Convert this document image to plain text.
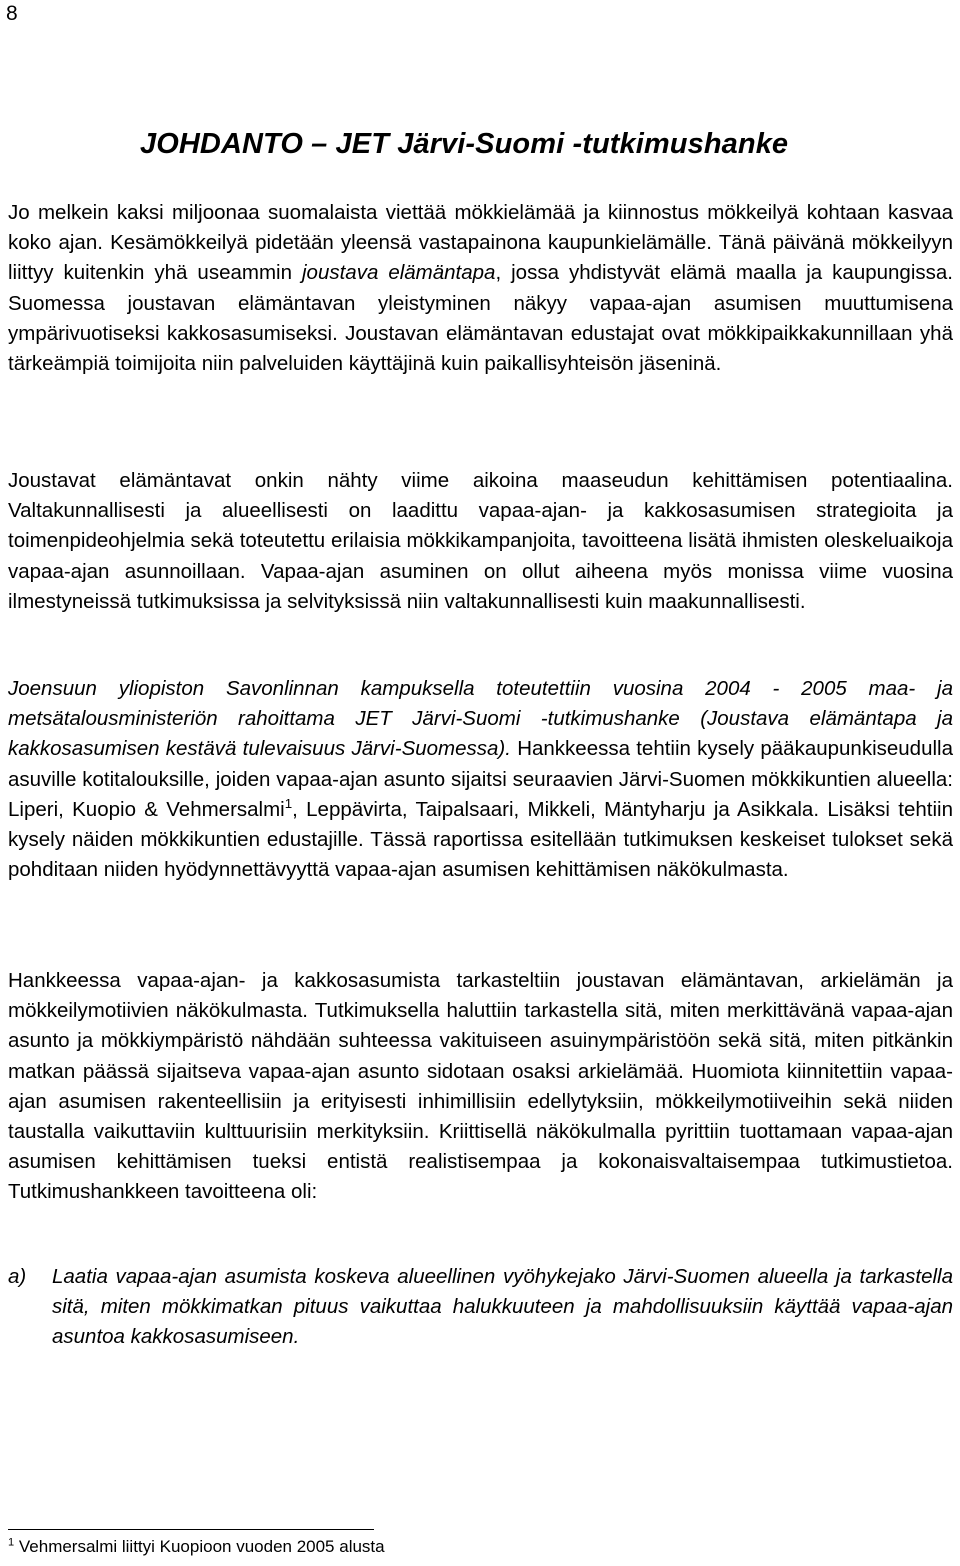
8
JOHDANTO – JET Järvi-Suomi -tutkimushanke

Jo melkein kaksi miljoonaa suomalaista viettää mökkielämää ja kiinnostus mökkeilyä kohtaan kasvaa koko ajan. Kesämökkeilyä pidetään yleensä vastapainona kaupunkielämälle. Tänä päivänä mökkeilyyn liittyy kuitenkin yhä useammin joustava elämäntapa, jossa yhdistyvät elämä maalla ja kaupungissa. Suomessa joustavan elämäntavan yleistyminen näkyy vapaa-ajan asumisen muuttumisena ympärivuotiseksi kakkosasumiseksi. Joustavan elämäntavan edustajat ovat mökkipaikkakunnillaan yhä tärkeämpiä toimijoita niin palveluiden käyttäjinä kuin paikallisyhteisön jäseninä.

Joustavat elämäntavat onkin nähty viime aikoina maaseudun kehittämisen potentiaalina. Valtakunnallisesti ja alueellisesti on laadittu vapaa-ajan- ja kakkosasumisen strategioita ja toimenpideohjelmia sekä toteutettu erilaisia mökkikampanjoita, tavoitteena lisätä ihmisten oleskeluaikoja vapaa-ajan asunnoillaan. Vapaa-ajan asuminen on ollut aiheena myös monissa viime vuosina ilmestyneissä tutkimuksissa ja selvityksissä niin valtakunnallisesti kuin maakunnallisesti.

Joensuun yliopiston Savonlinnan kampuksella toteutettiin vuosina 2004 - 2005 maa- ja metsätalousministeriön rahoittama JET Järvi-Suomi -tutkimushanke (Joustava elämäntapa ja kakkosasumisen kestävä tulevaisuus Järvi-Suomessa). Hankkeessa tehtiin kysely pääkaupunkiseudulla asuville kotitalouksille, joiden vapaa-ajan asunto sijaitsi seuraavien Järvi-Suomen mökkikuntien alueella: Liperi, Kuopio & Vehmersalmi$^1$, Leppävirta, Taipalsaari, Mikkeli, Mäntyharju ja Asikkala. Lisäksi tehtiin kysely näiden mökkikuntien edustajille. Tässä raportissa esitellään tutkimuksen keskeiset tulokset sekä pohditaan niiden hyödynnettävyyttä vapaa-ajan asumisen kehittämisen näkökulmasta.

Hankkeessa vapaa-ajan- ja kakkosasumista tarkasteltiin joustavan elämäntavan, arkielämän ja mökkeilymotiivien näkökulmasta. Tutkimuksella haluttiin tarkastella sitä, miten merkittävänä vapaa-ajan asunto ja mökkiympäristö nähdään suhteessa vakituiseen asuinympäristöön sekä sitä, miten pitkänkin matkan päässä sijaitseva vapaa-ajan asunto sidotaan osaksi arkielämää. Huomiota kiinnitettiin vapaa-ajan asumisen rakenteellisiin ja erityisesti inhimillisiin edellytyksiin, mökkeilymotiiveihin sekä niiden taustalla vaikuttaviin kulttuurisiin merkityksiin. Kriittisellä näkökulmalla pyrittiin tuottamaan vapaa-ajan asumisen kehittämisen tueksi entistä realistisempaa ja kokonaisvaltaisempaa tutkimustietoa. Tutkimushankkeen tavoitteena oli:

a) Laatia vapaa-ajan asumista koskeva alueellinen vyöhykejako Järvi-Suomen alueella ja tarkastella sitä, miten mökkimatkan pituus vaikuttaa halukkuuteen ja mahdollisuuksiin käyttää vapaa-ajan asuntoa kakkosasumiseen.
$^1$ Vehmersalmi liittyi Kuopioon vuoden 2005 alusta
